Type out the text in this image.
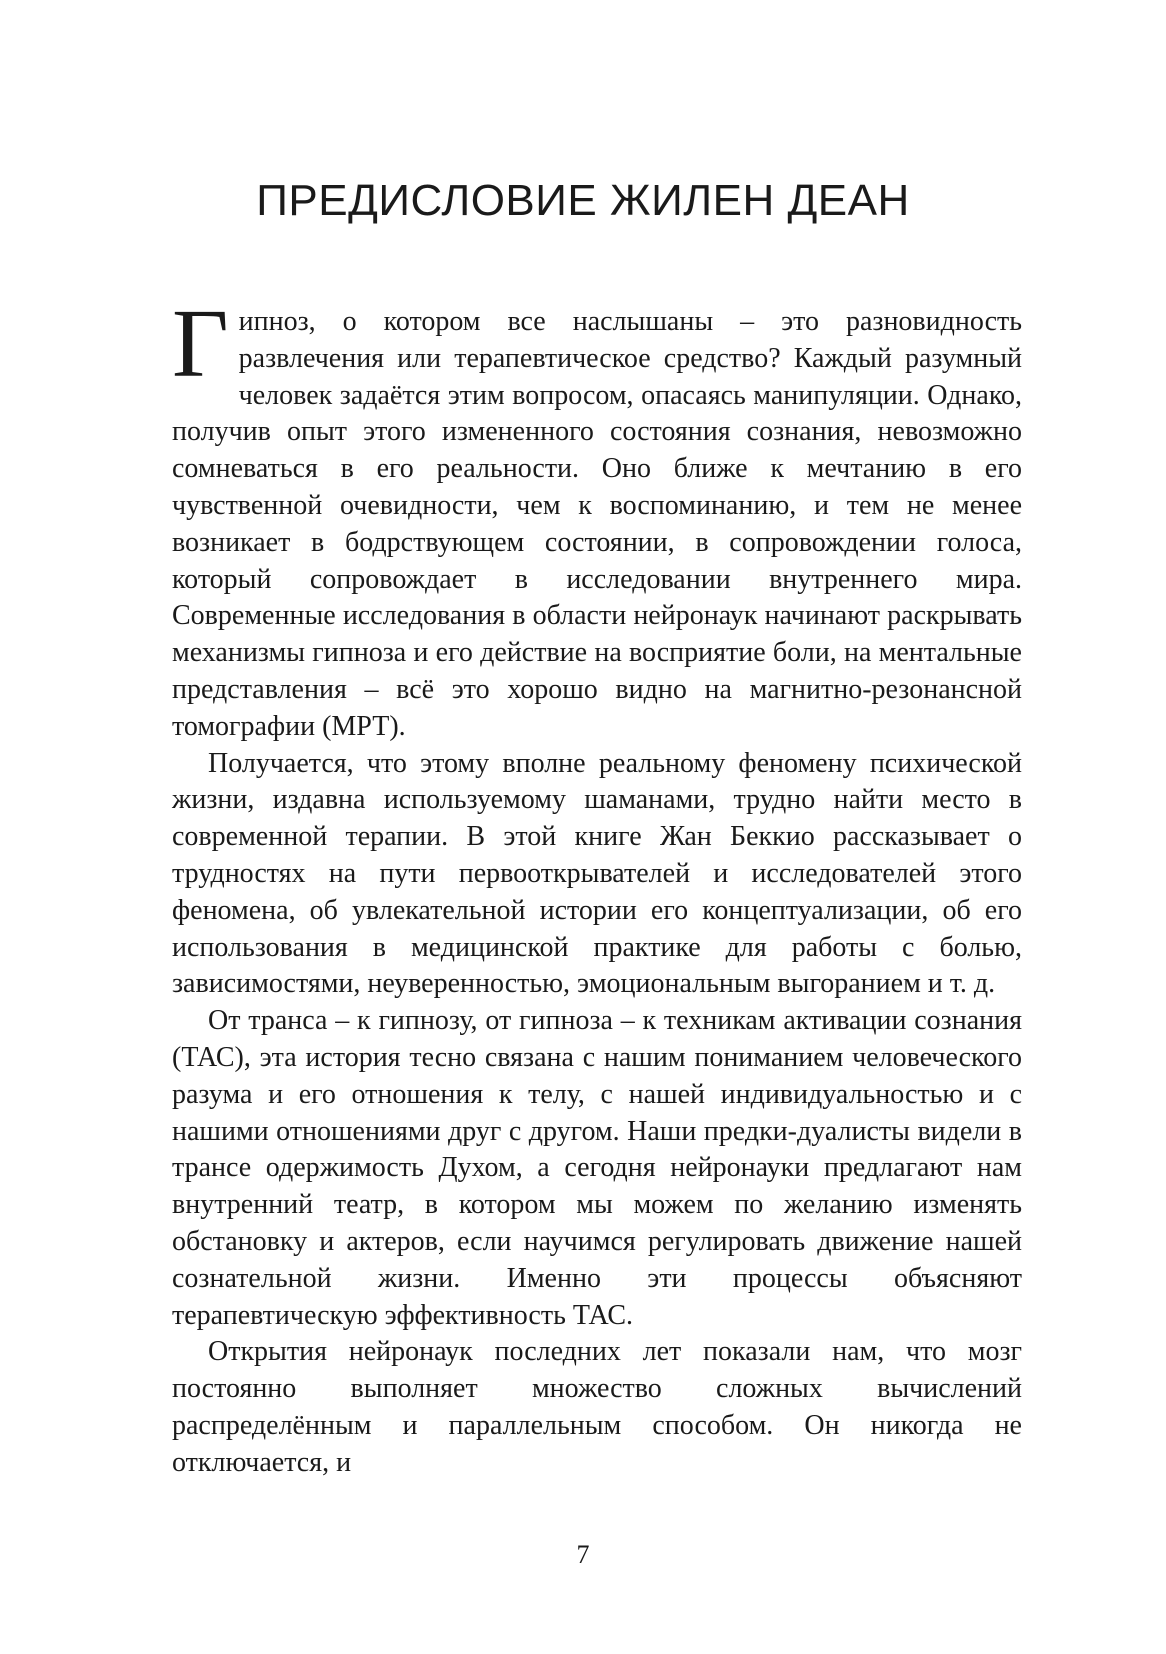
ПРЕДИСЛОВИЕ ЖИЛЕН ДЕАН

Гипноз, о котором все наслышаны – это разновидность развлечения или терапевтическое средство? Каждый разумный человек задаётся этим вопросом, опасаясь манипуляции. Однако, получив опыт этого измененного состояния сознания, невозможно сомневаться в его реальности. Оно ближе к мечтанию в его чувственной очевидности, чем к воспоминанию, и тем не менее возникает в бодрствующем состоянии, в сопровождении голоса, который сопровождает в исследовании внутреннего мира. Современные исследования в области нейронаук начинают раскрывать механизмы гипноза и его действие на восприятие боли, на ментальные представления – всё это хорошо видно на магнитно-резонансной томографии (МРТ).

Получается, что этому вполне реальному феномену психической жизни, издавна используемому шаманами, трудно найти место в современной терапии. В этой книге Жан Беккио рассказывает о трудностях на пути первооткрывателей и исследователей этого феномена, об увлекательной истории его концептуализации, об его использования в медицинской практике для работы с болью, зависимостями, неуверенностью, эмоциональным выгоранием и т. д.

От транса – к гипнозу, от гипноза – к техникам активации сознания (ТАС), эта история тесно связана с нашим пониманием человеческого разума и его отношения к телу, с нашей индивидуальностью и с нашими отношениями друг с другом. Наши предки-дуалисты видели в трансе одержимость Духом, а сегодня нейронауки предлагают нам внутренний театр, в котором мы можем по желанию изменять обстановку и актеров, если научимся регулировать движение нашей сознательной жизни. Именно эти процессы объясняют терапевтическую эффективность ТАС.

Открытия нейронаук последних лет показали нам, что мозг постоянно выполняет множество сложных вычислений распределённым и параллельным способом. Он никогда не отключается, и

7
